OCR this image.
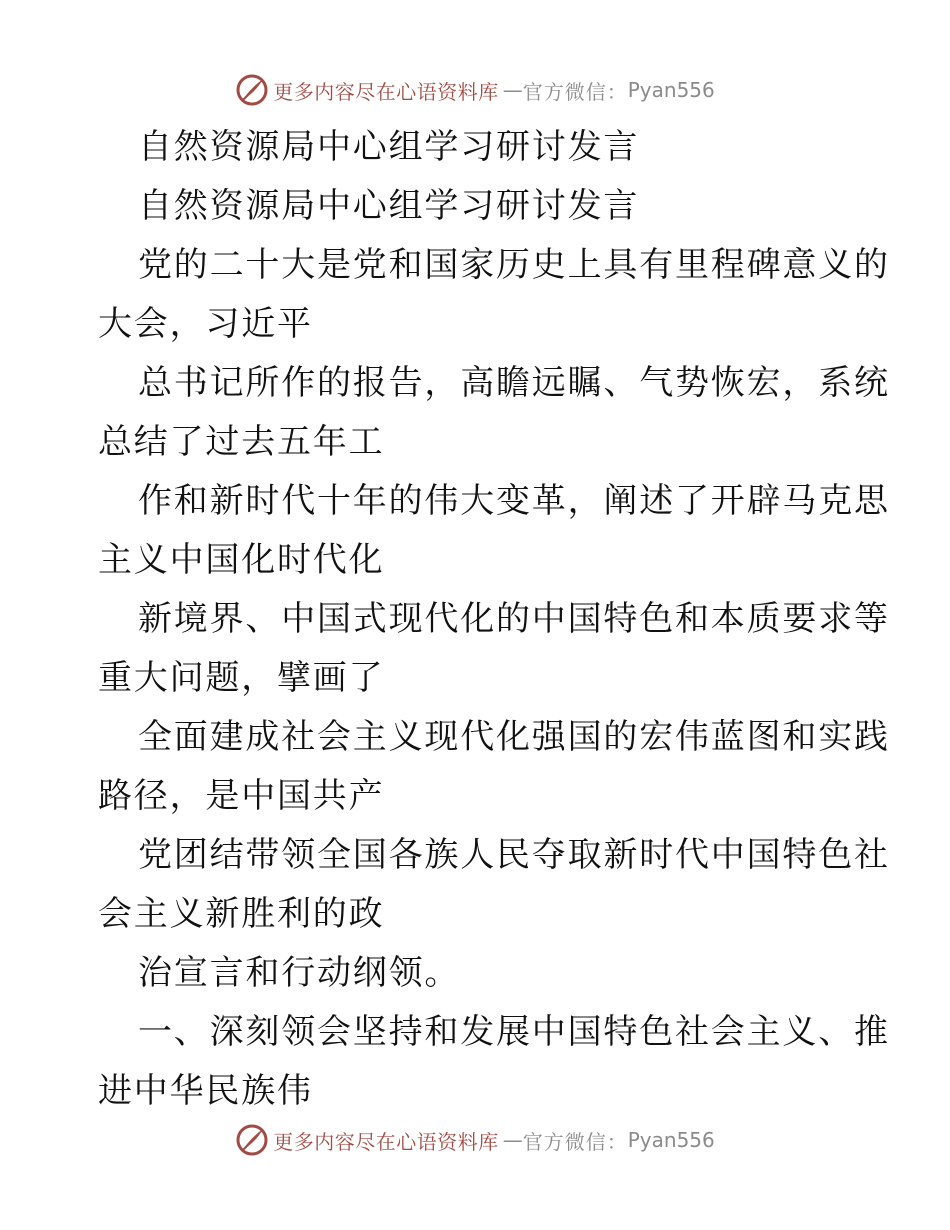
更多内容尽在心语资料库 — 官方微信： Pyan556
自然资源局中心组学习研讨发言
自然资源局中心组学习研讨发言
党的二十大是党和国家历史上具有里程碑意义的
大会，习近平
总书记所作的报告，高瞻远瞩、气势恢宏，系统
总结了过去五年工
作和新时代十年的伟大变革，阐述了开辟马克思
主义中国化时代化
新境界、中国式现代化的中国特色和本质要求等
重大问题，擘画了
全面建成社会主义现代化强国的宏伟蓝图和实践
路径，是中国共产
党团结带领全国各族人民夺取新时代中国特色社
会主义新胜利的政
治宣言和行动纲领。
一、深刻领会坚持和发展中国特色社会主义、推
进中华民族伟
更多内容尽在心语资料库 — 官方微信： Pyan556
